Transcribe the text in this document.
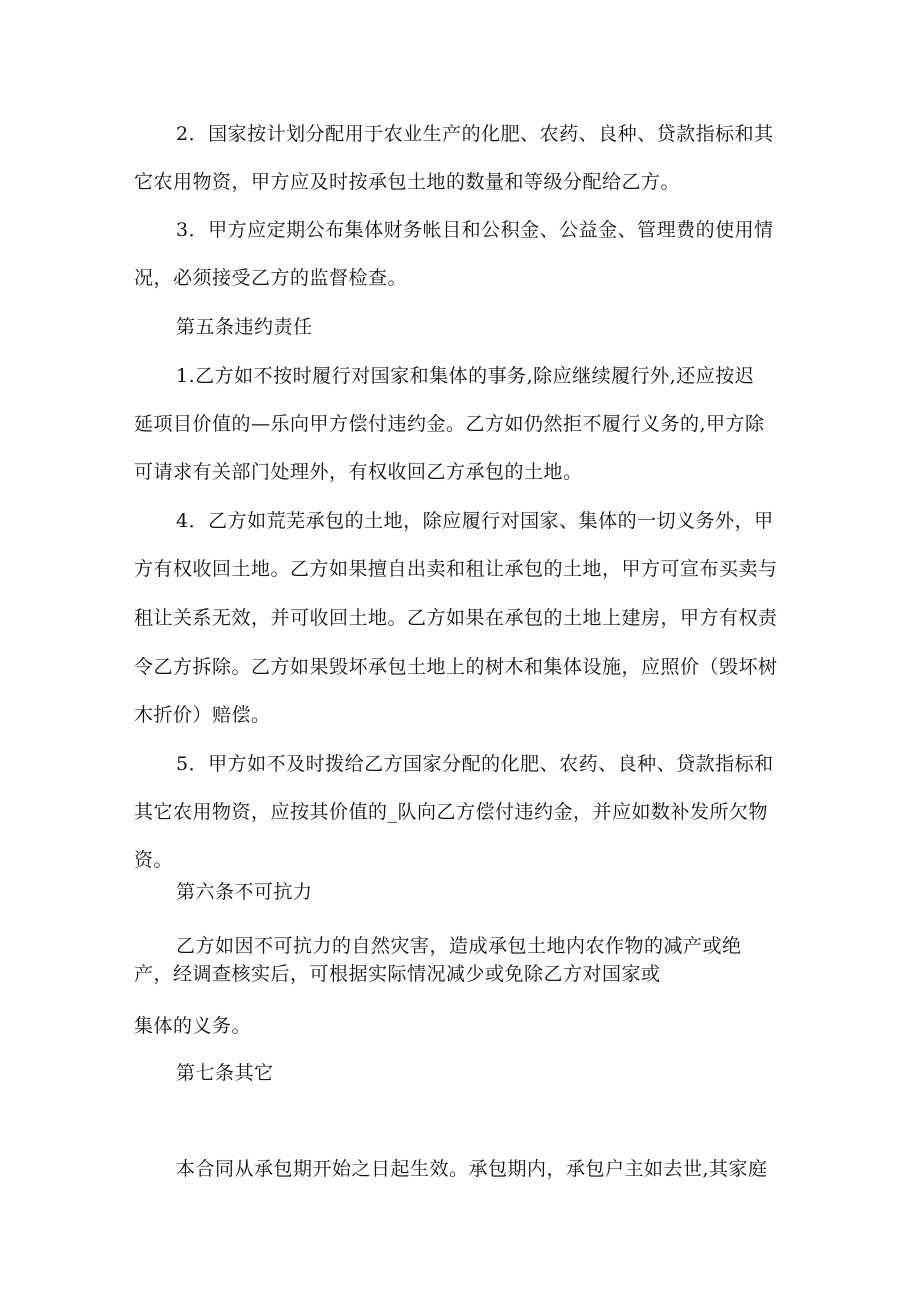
2．国家按计划分配用于农业生产的化肥、农药、良种、贷款指标和其
它农用物资，甲方应及时按承包土地的数量和等级分配给乙方。
3．甲方应定期公布集体财务帐目和公积金、公益金、管理费的使用情
况，必须接受乙方的监督检查。
第五条违约责任
1.乙方如不按时履行对国家和集体的事务,除应继续履行外,还应按迟
延项目价值的—乐向甲方偿付违约金。乙方如仍然拒不履行义务的,甲方除
可请求有关部门处理外，有权收回乙方承包的土地。
4．乙方如荒芜承包的土地，除应履行对国家、集体的一切义务外，甲
方有权收回土地。乙方如果擅自出卖和租让承包的土地，甲方可宣布买卖与
租让关系无效，并可收回土地。乙方如果在承包的土地上建房，甲方有权责
令乙方拆除。乙方如果毁坏承包土地上的树木和集体设施，应照价（毁坏树
木折价）赔偿。
5．甲方如不及时拨给乙方国家分配的化肥、农药、良种、贷款指标和
其它农用物资，应按其价值的_队向乙方偿付违约金，并应如数补发所欠物
资。
第六条不可抗力
乙方如因不可抗力的自然灾害，造成承包土地内农作物的减产或绝
产，经调查核实后，可根据实际情况减少或免除乙方对国家或
集体的义务。
第七条其它
本合同从承包期开始之日起生效。承包期内，承包户主如去世,其家庭
